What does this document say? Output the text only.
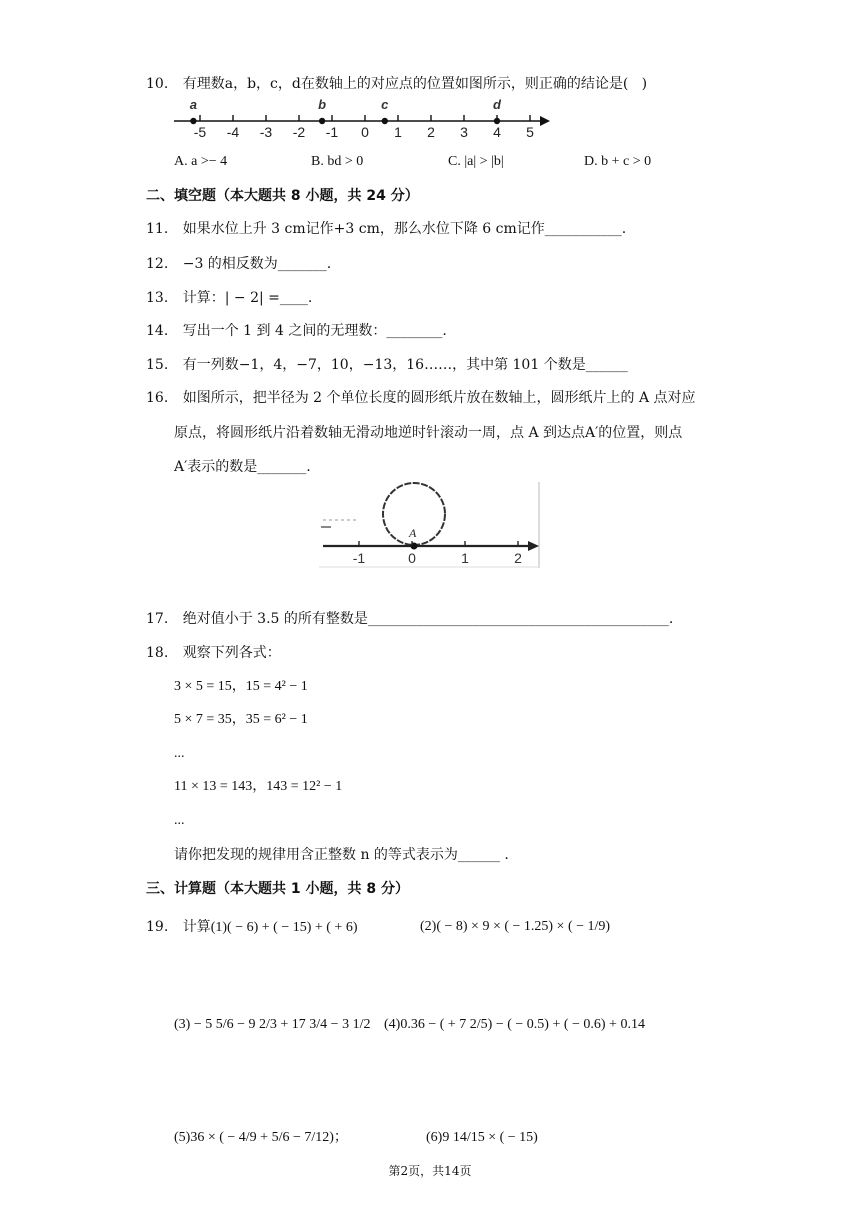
10. 有理数a，b，c，d在数轴上的对应点的位置如图所示，则正确的结论是(   )
-5 -4 -3 -2 -1 0 1 2 3 4 5
a	b	c	d
A. a >− 4	B. bd > 0	C. |a| > |b|	D. b + c > 0
二、填空题（本大题共 8 小题，共 24 分）
11. 如果水位上升 3 cm记作+3 cm，那么水位下降 6 cm记作___________.
12. −3 的相反数为_______.
13. 计算：| − 2| =____.
14. 写出一个 1 到 4 之间的无理数：________.
15. 有一列数−1，4，−7，10，−13，16……，其中第 101 个数是______
16. 如图所示，把半径为 2 个单位长度的圆形纸片放在数轴上，圆形纸片上的 A 点对应
原点，将圆形纸片沿着数轴无滑动地逆时针滚动一周，点 A 到达点A′的位置，则点
A′表示的数是_______.
A
-1	0	1	2
17. 绝对值小于 3.5 的所有整数是___________________________________________.
18. 观察下列各式：
3 × 5 = 15，15 = 4² − 1
5 × 7 = 35，35 = 6² − 1
...
11 × 13 = 143，143 = 12² − 1
...
请你把发现的规律用含正整数 n 的等式表示为______ .
三、计算题（本大题共 1 小题，共 8 分）
19. 计算(1)( − 6) + ( − 15) + ( + 6)	(2)( − 8) × 9 × ( − 1.25) × ( − 1/9)
(3) − 5 5/6 − 9 2/3 + 17 3/4 − 3 1/2 (4)0.36 − ( + 7 2/5) − ( − 0.5) + ( − 0.6) + 0.14
(5)36 × ( − 4/9 + 5/6 − 7/12)；	(6)9 14/15 × ( − 15)
第2页，共14页
